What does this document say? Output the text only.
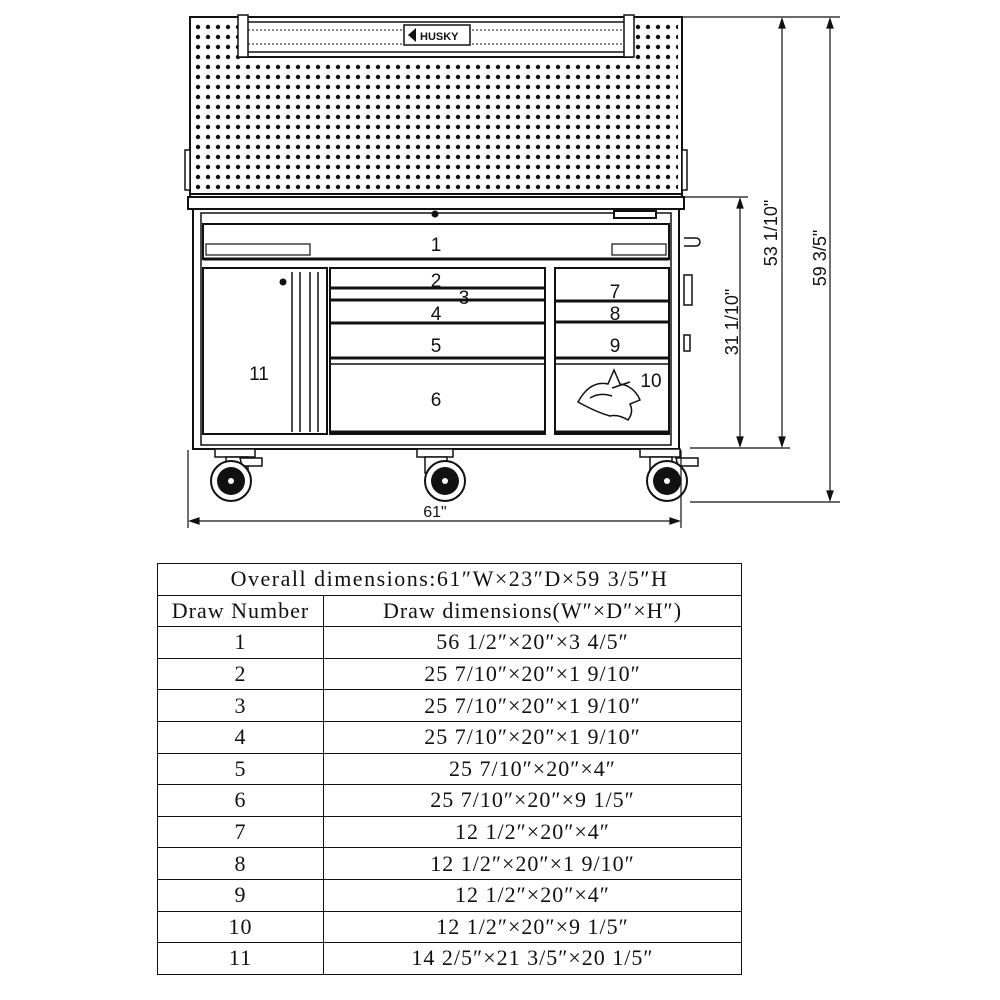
HUSKY
1
2
3
4
5
6
7
8
9
10
11
61"
31 1/10"
53 1/10" 59 3/5"
Overall dimensions:61″W×23″D×59 3/5″H	
Draw Number	Draw dimensions(W″×D″×H″)
1	56 1/2″×20″×3 4/5″
2	25 7/10″×20″×1 9/10″
3	25 7/10″×20″×1 9/10″
4	25 7/10″×20″×1 9/10″
5	25 7/10″×20″×4″
6	25 7/10″×20″×9 1/5″
7	12 1/2″×20″×4″
8	12 1/2″×20″×1 9/10″
9	12 1/2″×20″×4″
10	12 1/2″×20″×9 1/5″
11	14 2/5″×21 3/5″×20 1/5″
